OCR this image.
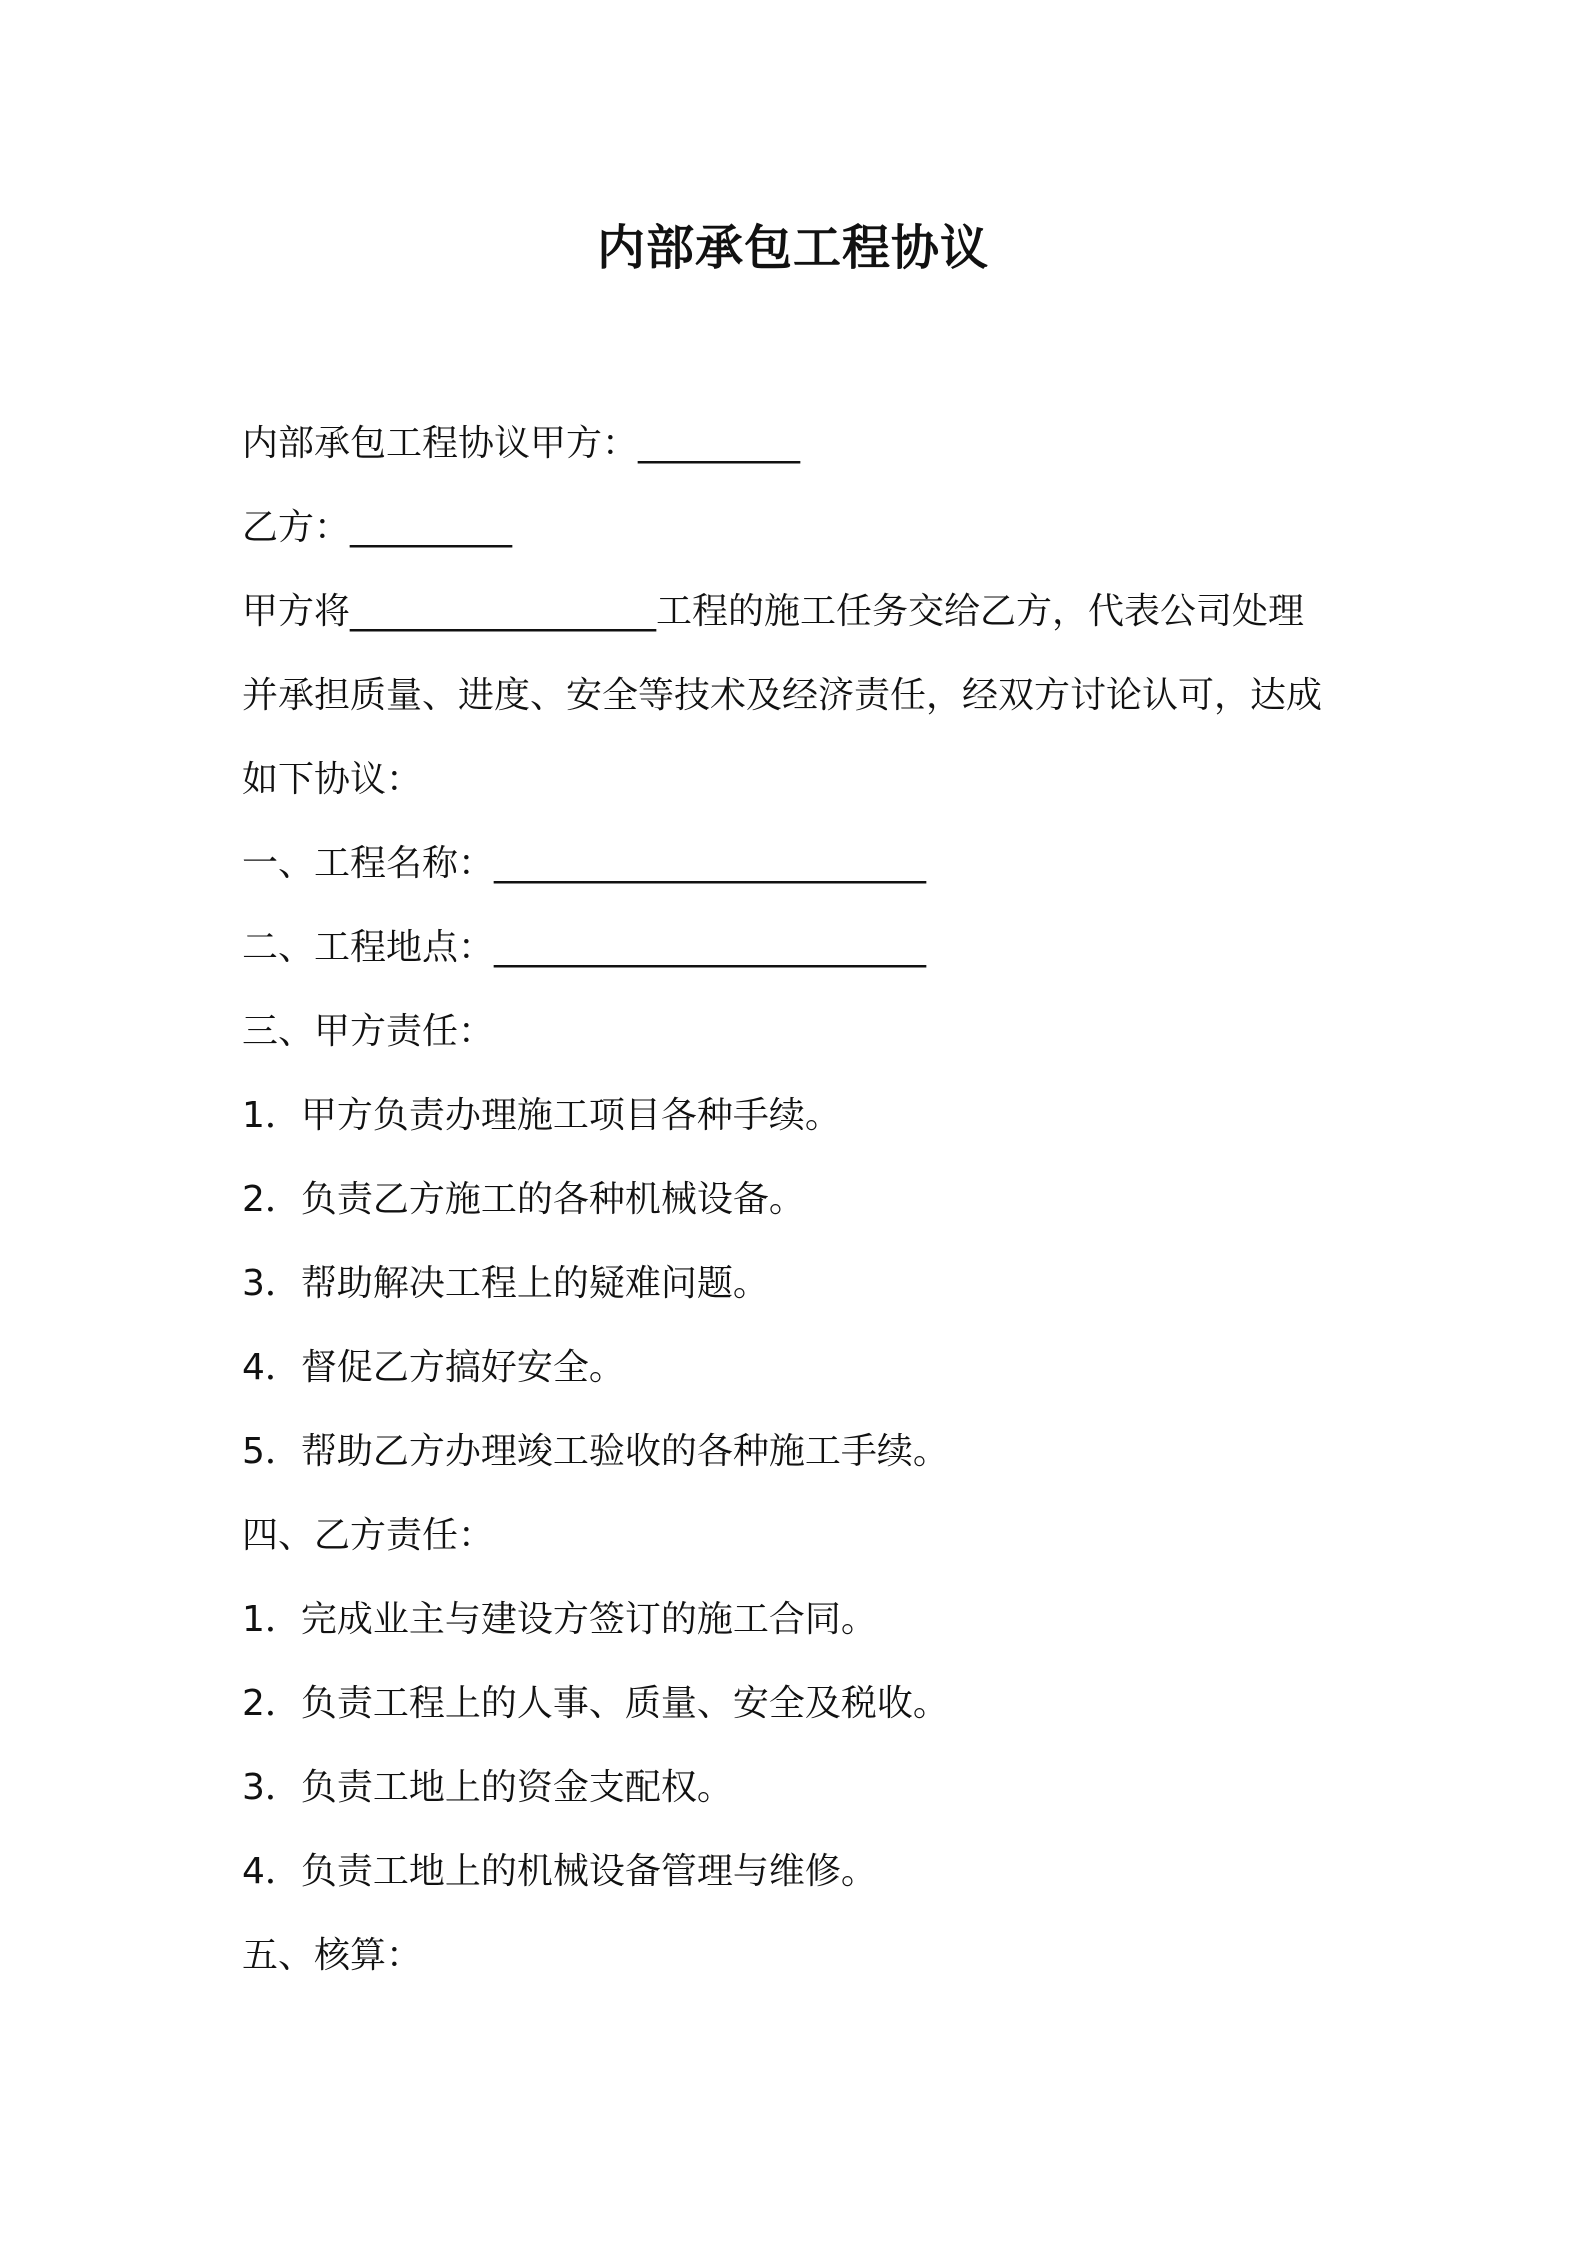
内部承包工程协议
内部承包工程协议甲方：_________
乙方：_________
甲方将_________________工程的施工任务交给乙方，代表公司处理
并承担质量、进度、安全等技术及经济责任，经双方讨论认可，达成
如下协议：
一、工程名称：________________________
二、工程地点：________________________
三、甲方责任：
1．甲方负责办理施工项目各种手续。
2．负责乙方施工的各种机械设备。
3．帮助解决工程上的疑难问题。
4．督促乙方搞好安全。
5．帮助乙方办理竣工验收的各种施工手续。
四、乙方责任：
1．完成业主与建设方签订的施工合同。
2．负责工程上的人事、质量、安全及税收。
3．负责工地上的资金支配权。
4．负责工地上的机械设备管理与维修。
五、核算：
